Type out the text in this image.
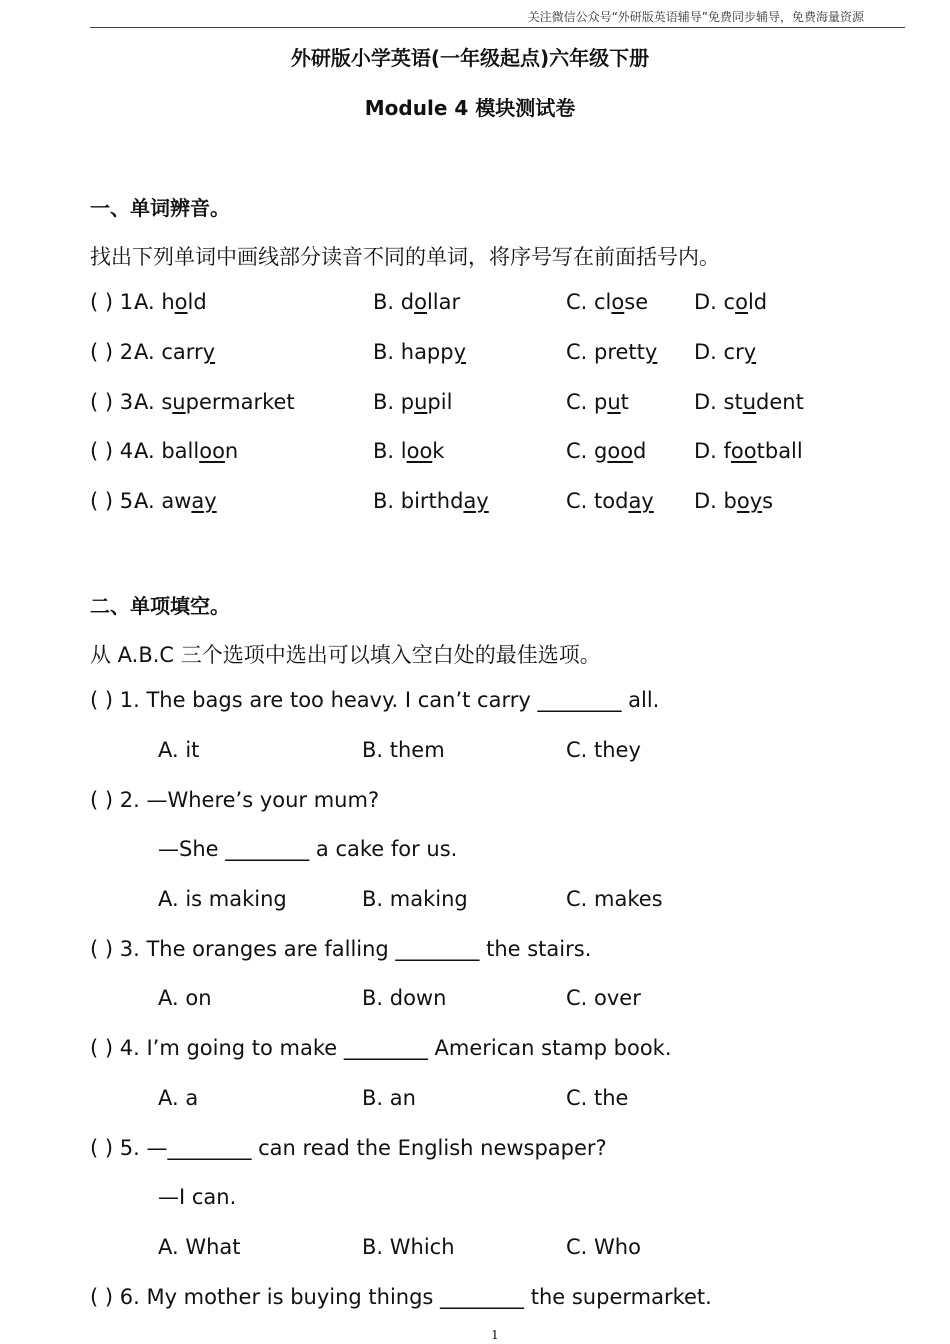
关注微信公众号“外研版英语辅导”免费同步辅导，免费海量资源
外研版小学英语(一年级起点)六年级下册
Module 4 模块测试卷
一、单词辨音。
找出下列单词中画线部分读音不同的单词，将序号写在前面括号内。
( ) 1.
A. hold	B. dollar	C. close D. cold
( ) 2.
A. carry	B. happy	C. pretty D. cry
( ) 3.
A. supermarket	B. pupil	C. put	D. student
( ) 4.
A. balloon	B. look	C. good D. football
( ) 5.
A. away	B. birthday	C. today D. boys
二、单项填空。
从 A.B.C 三个选项中选出可以填入空白处的最佳选项。
( ) 1. The bags are too heavy. I can’t carry ________ all.
A. it	B. them	C. they
( ) 2. —Where’s your mum?
—She ________ a cake for us.
A. is making	B. making	C. makes
( ) 3. The oranges are falling ________ the stairs.
A. on	B. down	C. over
( ) 4. I’m going to make ________ American stamp book.
A. a	B. an	C. the
( ) 5. —________ can read the English newspaper?
—I can.
A. What	B. Which	C. Who
( ) 6. My mother is buying things ________ the supermarket.
1
